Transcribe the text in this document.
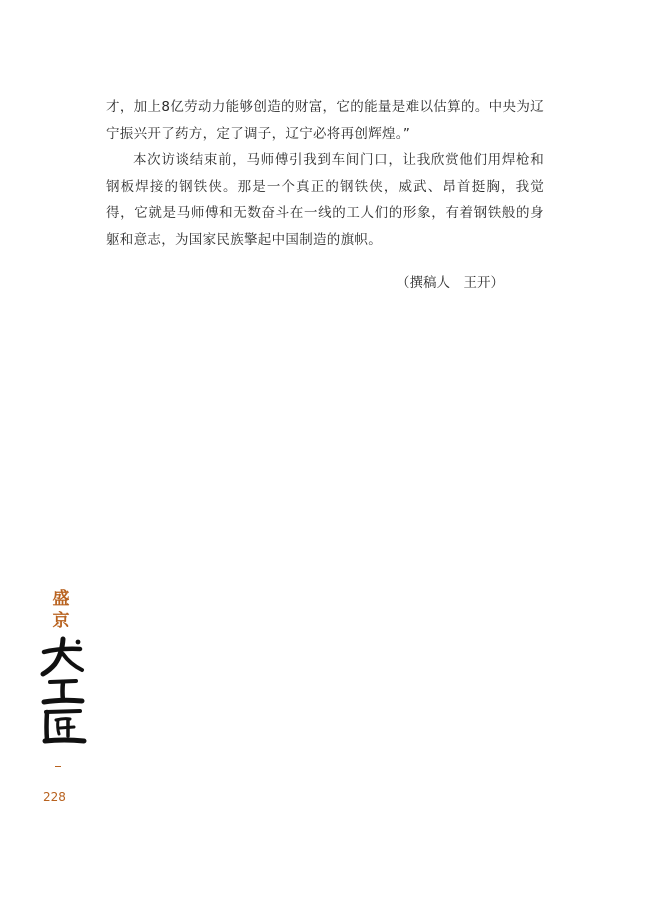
才，加上8亿劳动力能够创造的财富，它的能量是难以估算的。中央为辽宁振兴开了药方，定了调子，辽宁必将再创辉煌。”

本次访谈结束前，马师傅引我到车间门口，让我欣赏他们用焊枪和钢板焊接的钢铁侠。那是一个真正的钢铁侠，威武、昂首挺胸，我觉得，它就是马师傅和无数奋斗在一线的工人们的形象，有着钢铁般的身躯和意志，为国家民族擎起中国制造的旗帜。

（撰稿人　王开）
盛
京
228
